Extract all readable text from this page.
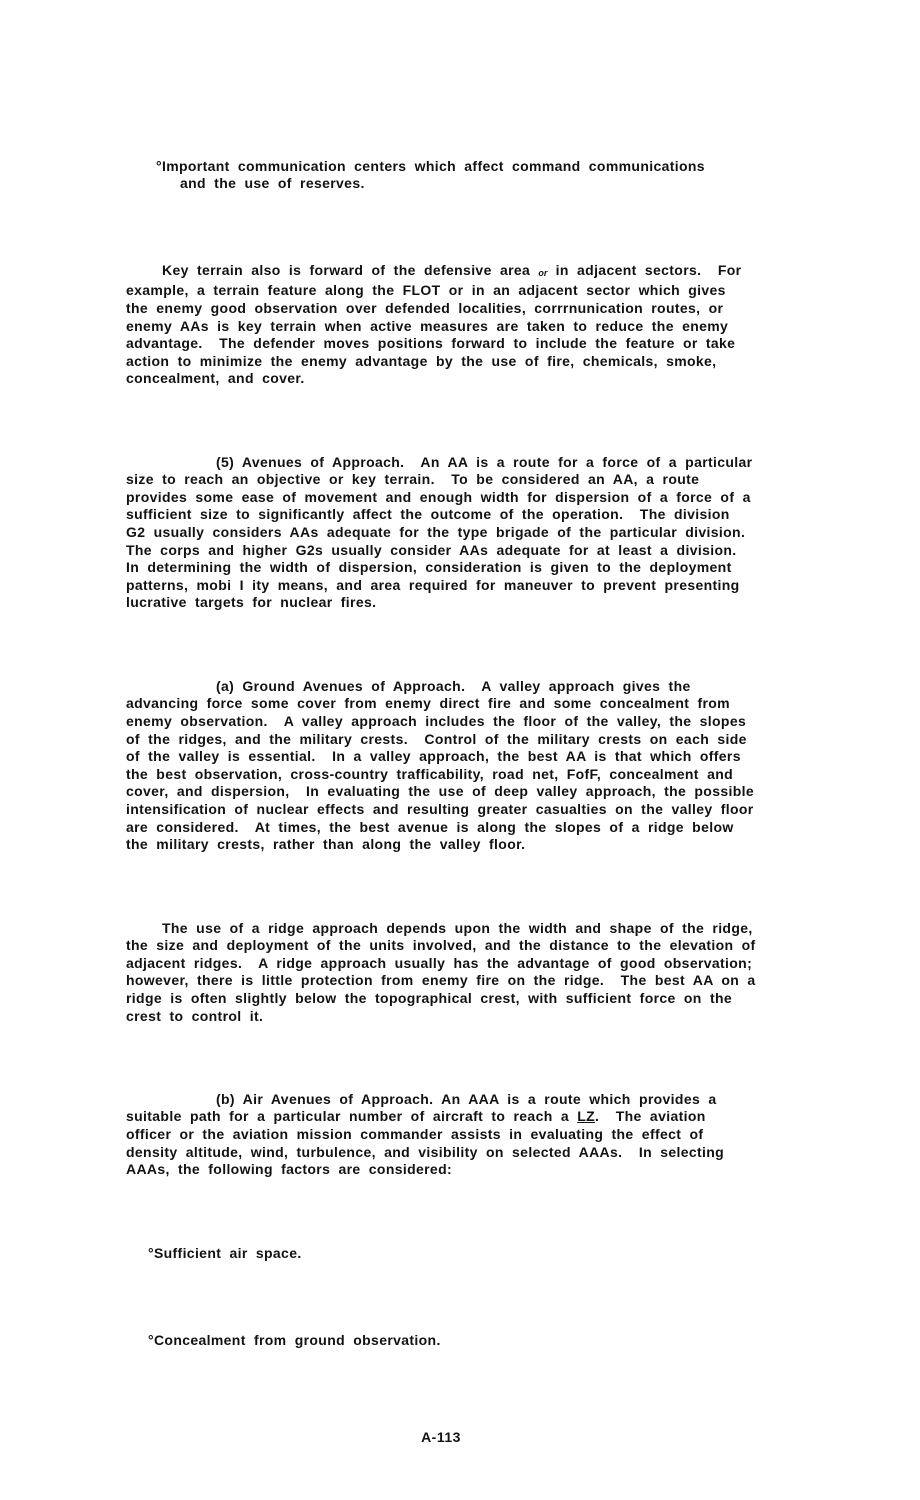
°Important communication centers which affect command communications and the use of reserves.

Key terrain also is forward of the defensive area or in adjacent sectors.  For example, a terrain feature along the FLOT or in an adjacent sector which gives the enemy good observation over defended localities, corrrnunication routes, or enemy AAs is key terrain when active measures are taken to reduce the enemy advantage.  The defender moves positions forward to include the feature or take action to minimize the enemy advantage by the use of fire, chemicals, smoke, concealment, and cover.

(5) Avenues of Approach.  An AA is a route for a force of a particular size to reach an objective or key terrain.  To be considered an AA, a route provides some ease of movement and enough width for dispersion of a force of a sufficient size to significantly affect the outcome of the operation.  The division G2 usually considers AAs adequate for the type brigade of the particular division.  The corps and higher G2s usually consider AAs adequate for at least a division.  In determining the width of dispersion, consideration is given to the deployment patterns, mobi I ity means, and area required for maneuver to prevent presenting lucrative targets for nuclear fires.

(a) Ground Avenues of Approach.  A valley approach gives the advancing force some cover from enemy direct fire and some concealment from enemy observation.  A valley approach includes the floor of the valley, the slopes of the ridges, and the military crests.  Control of the military crests on each side of the valley is essential.  In a valley approach, the best AA is that which offers the best observation, cross-country trafficability, road net, FofF, concealment and cover, and dispersion,  In evaluating the use of deep valley approach, the possible intensification of nuclear effects and resulting greater casualties on the valley floor are considered.  At times, the best avenue is along the slopes of a ridge below the military crests, rather than along the valley floor.

The use of a ridge approach depends upon the width and shape of the ridge, the size and deployment of the units involved, and the distance to the elevation of adjacent ridges.  A ridge approach usually has the advantage of good observation; however, there is little protection from enemy fire on the ridge.  The best AA on a ridge is often slightly below the topographical crest, with sufficient force on the crest to control it.

(b) Air Avenues of Approach. An AAA is a route which provides a suitable path for a particular number of aircraft to reach a LZ.  The aviation officer or the aviation mission commander assists in evaluating the effect of density altitude, wind, turbulence, and visibility on selected AAAs.  In selecting AAAs, the following factors are considered:

°Sufficient air space.

°Concealment from ground observation.

A-113
